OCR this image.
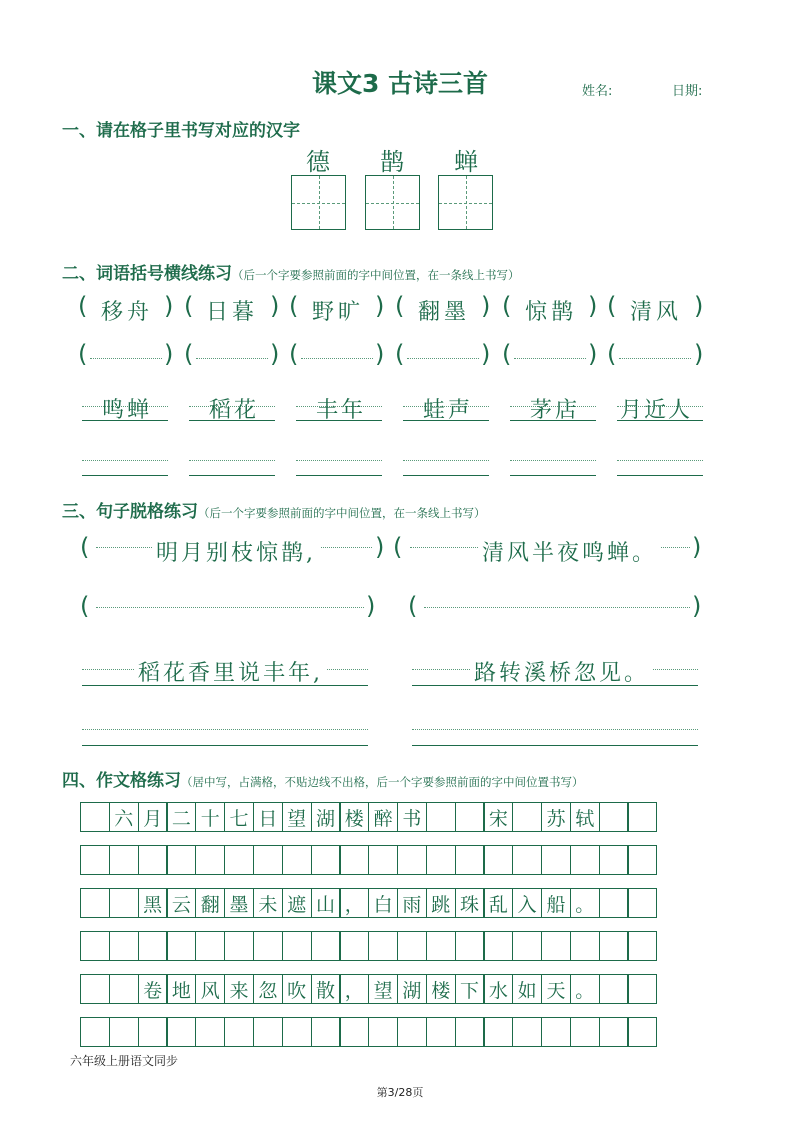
课文3 古诗三首	姓名:	日期:
一、请在格子里书写对应的汉字
德 鹊 蝉
二、词语括号横线练习（后一个字要参照前面的字中间位置，在一条线上书写）
( 移舟 ) ( 日暮 ) ( 野旷 ) ( 翻墨 ) ( 惊鹊 ) ( 清风 )
(	) (	) (	) (	) (	) (	)
鸣蝉	稻花	丰年	蛙声	茅店 月近人
三、句子脱格练习（后一个字要参照前面的字中间位置，在一条线上书写）
(	明月别枝惊鹊, ) (	清风半夜鸣蝉。 )
(	) (	)
稻花香里说丰年,	路转溪桥忽见。
四、作文格练习（居中写，占满格，不贴边线不出格，后一个字要参照前面的字中间位置书写）
六 月 二 十 七 日 望 湖 楼 醉 书	宋 苏 轼
黑 云 翻 墨 未 遮 山 ， 白 雨 跳 珠 乱 入 船 。
卷 地 风 来 忽 吹 散 ， 望 湖 楼 下 水 如 天 。
六年级上册语文同步
第3/28页
